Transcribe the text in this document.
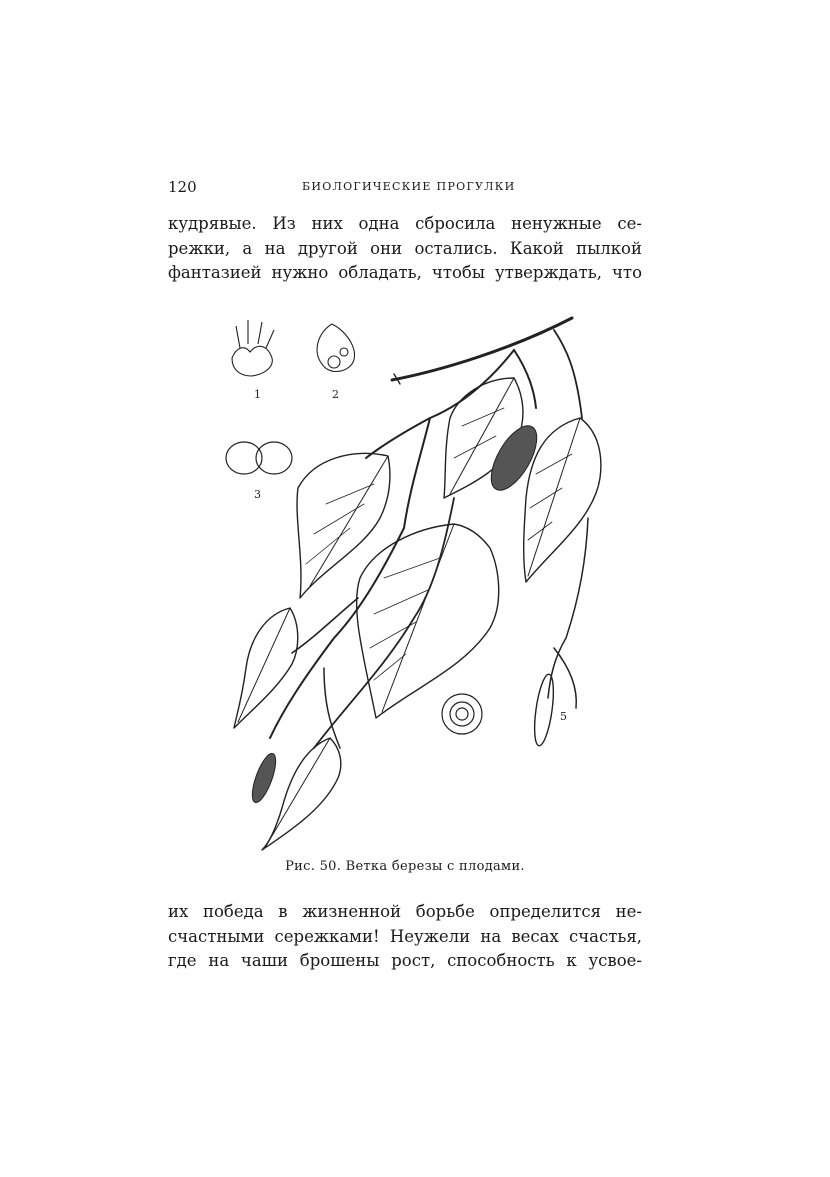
120	БИОЛОГИЧЕСКИЕ ПРОГУЛКИ
кудрявые. Из них одна сбросила ненужные се-
режки, а на другой они остались. Какой пылкой
фантазией нужно обладать, чтобы утверждать, что
1	2
3
5
Рис. 50. Ветка березы с плодами.
их победа в жизненной борьбе определится не-
счастными сережками! Неужели на весах счастья,
где на чаши брошены рост, способность к усвое-
